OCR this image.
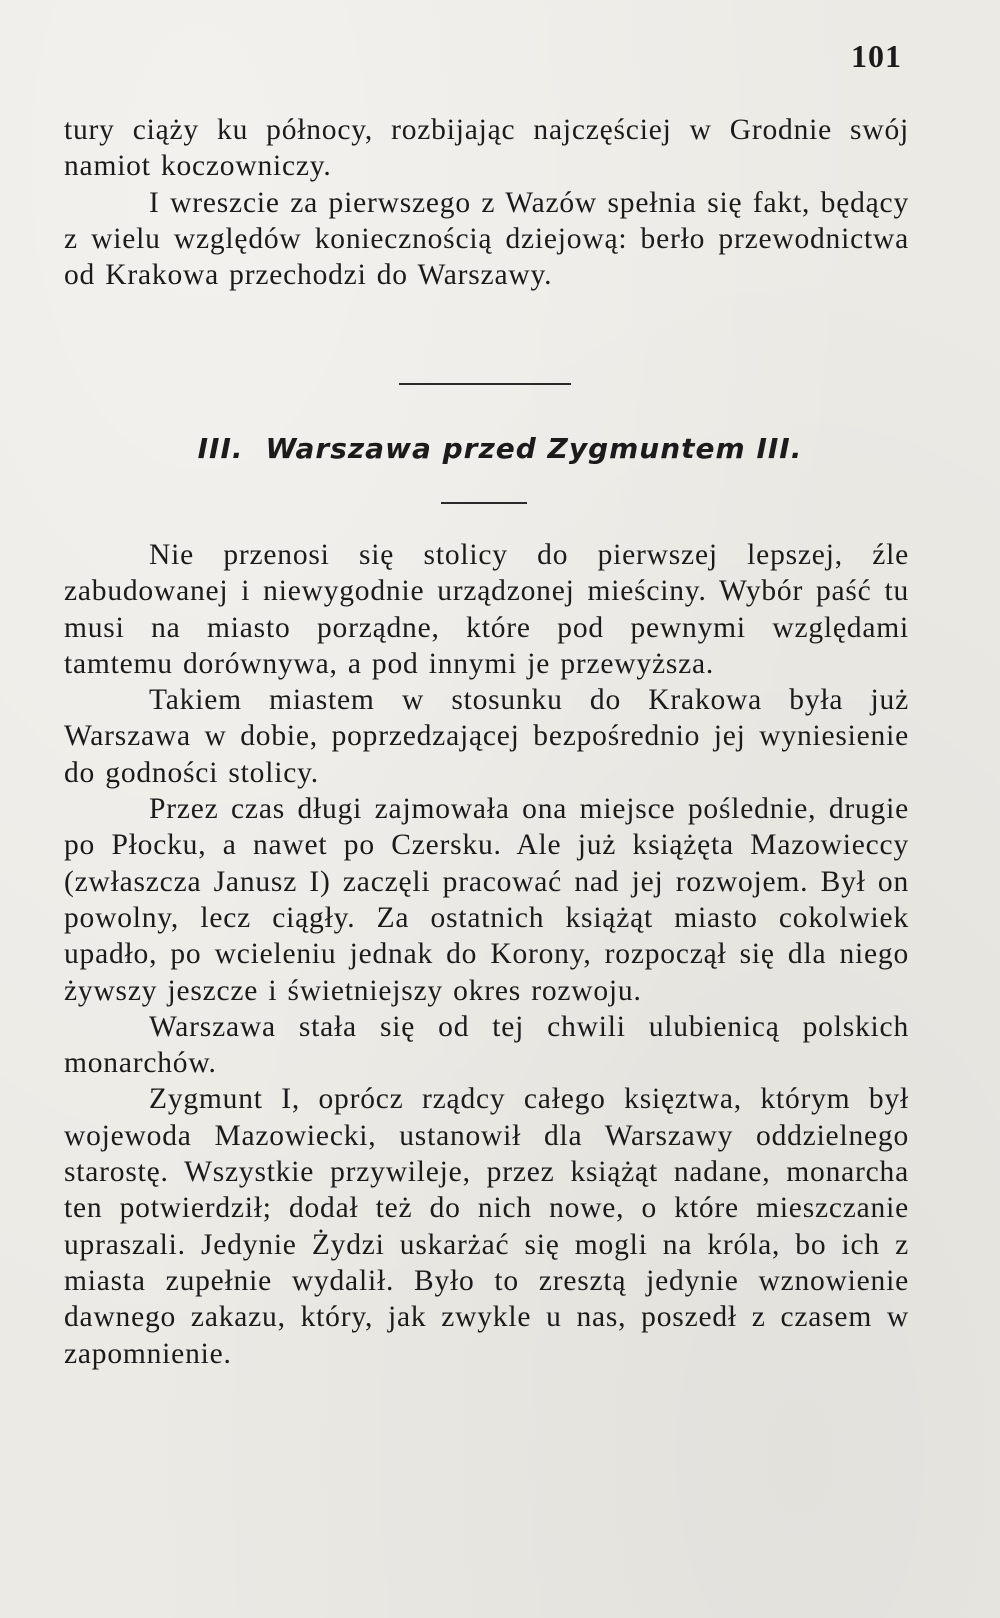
101

tury ciąży ku północy, rozbijając najczęściej w Grodnie swój namiot koczowniczy.

I wreszcie za pierwszego z Wazów spełnia się fakt, będący z wielu względów koniecznością dziejową: berło przewodnictwa od Krakowa przechodzi do Warszawy.

III. Warszawa przed Zygmuntem III.

Nie przenosi się stolicy do pierwszej lepszej, źle zabudowanej i niewygodnie urządzonej mieściny. Wybór paść tu musi na miasto porządne, które pod pewnymi względami tamtemu dorównywa, a pod innymi je przewyższa.

Takiem miastem w stosunku do Krakowa była już Warszawa w dobie, poprzedzającej bezpośrednio jej wyniesienie do godności stolicy.

Przez czas długi zajmowała ona miejsce poślednie, drugie po Płocku, a nawet po Czersku. Ale już książęta Mazowieccy (zwłaszcza Janusz I) zaczęli pracować nad jej rozwojem. Był on powolny, lecz ciągły. Za ostatnich książąt miasto cokolwiek upadło, po wcieleniu jednak do Korony, rozpoczął się dla niego żywszy jeszcze i świetniejszy okres rozwoju.

Warszawa stała się od tej chwili ulubienicą polskich monarchów.

Zygmunt I, oprócz rządcy całego księztwa, którym był wojewoda Mazowiecki, ustanowił dla Warszawy oddzielnego starostę. Wszystkie przywileje, przez książąt nadane, monarcha ten potwierdził; dodał też do nich nowe, o które mieszczanie upraszali. Jedynie Żydzi uskarżać się mogli na króla, bo ich z miasta zupełnie wydalił. Było to zresztą jedynie wznowienie dawnego zakazu, który, jak zwykle u nas, poszedł z czasem w zapomnienie.
